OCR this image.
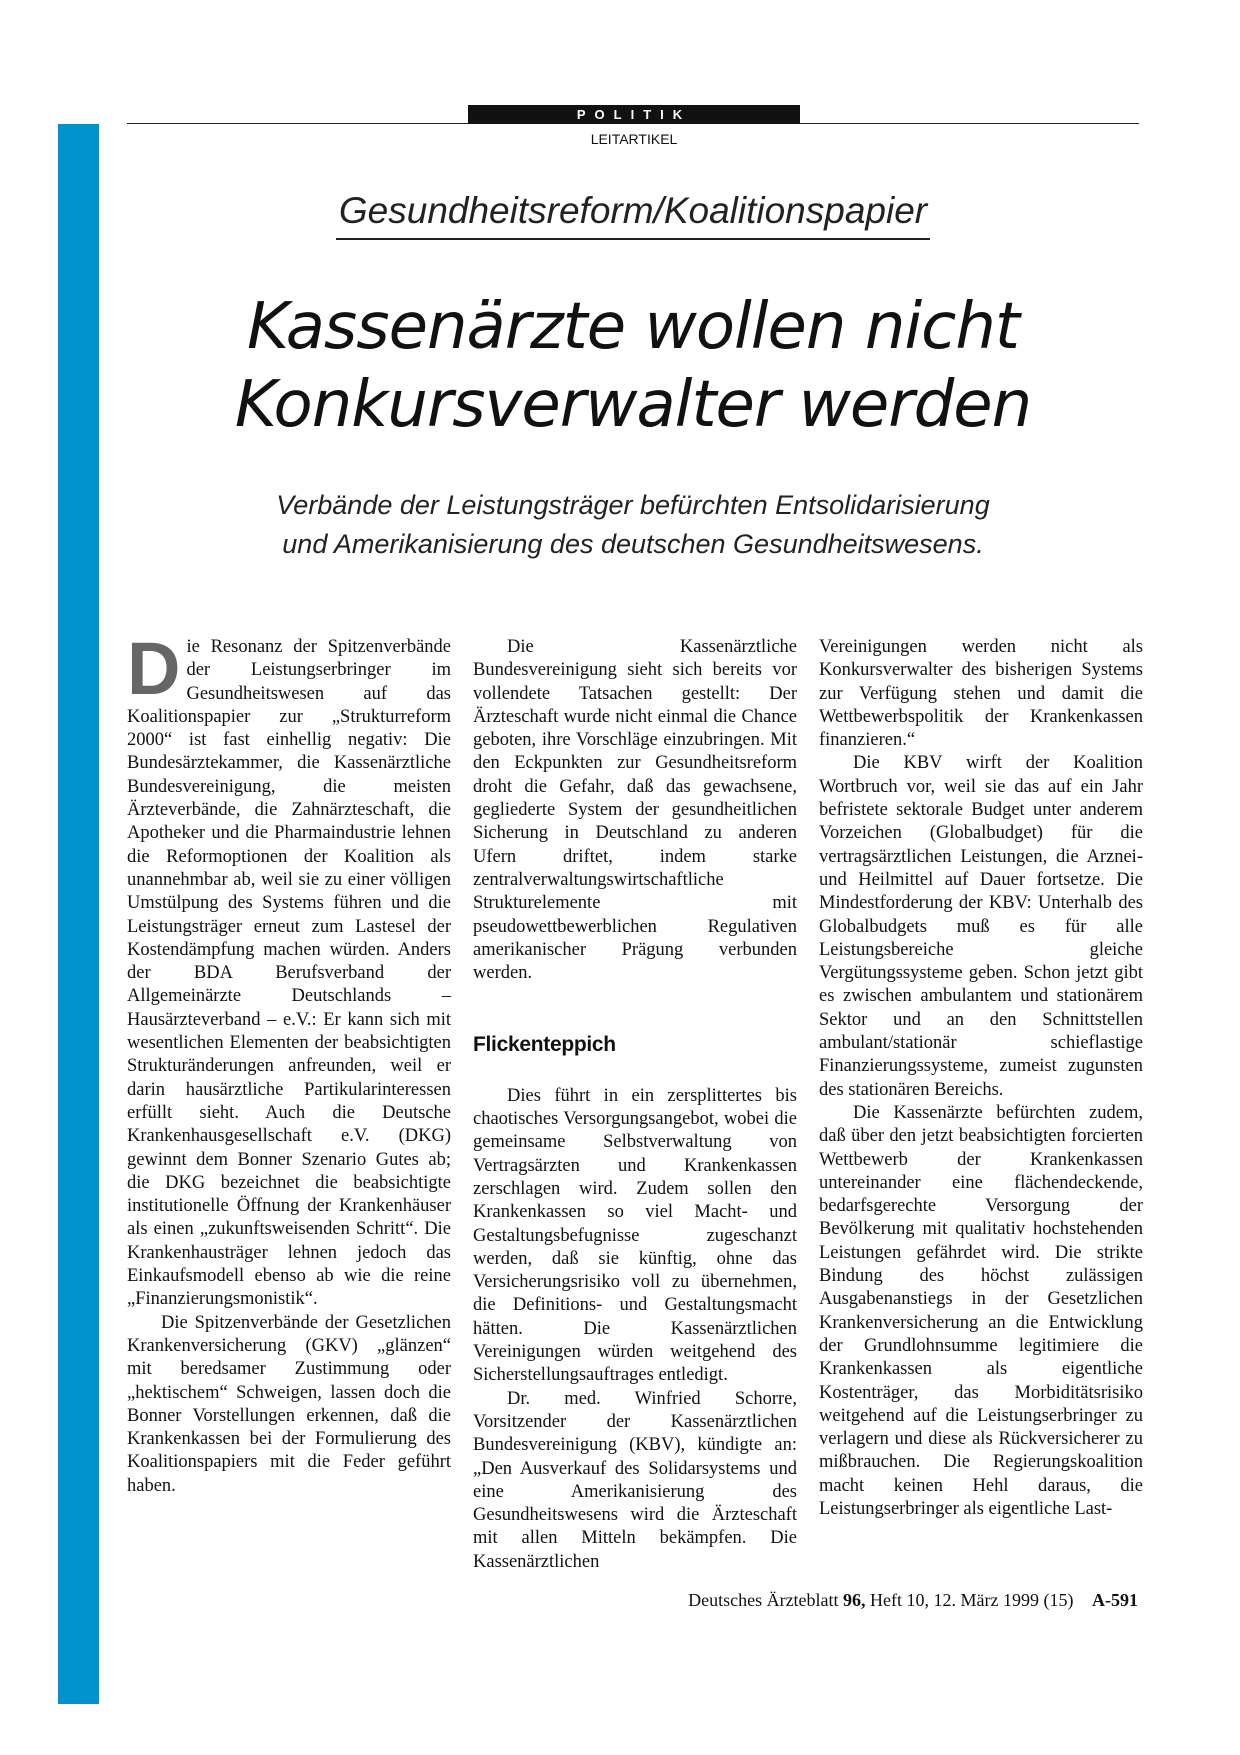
POLITIK
LEITARTIKEL
Gesundheitsreform/Koalitionspapier
Kassenärzte wollen nicht
Konkursverwalter werden

Verbände der Leistungsträger befürchten Entsolidarisierung
und Amerikanisierung des deutschen Gesundheitswesens.

Die Resonanz der Spitzenverbände der Leistungserbringer im Gesundheitswesen auf das Koalitionspapier zur „Strukturreform 2000“ ist fast einhellig negativ: Die Bundesärztekammer, die Kassenärztliche Bundesvereinigung, die meisten Ärzteverbände, die Zahnärzteschaft, die Apotheker und die Pharmaindustrie lehnen die Reformoptionen der Koalition als unannehmbar ab, weil sie zu einer völligen Umstülpung des Systems führen und die Leistungsträger erneut zum Lastesel der Kostendämpfung machen würden. Anders der BDA Berufsverband der Allgemeinärzte Deutschlands – Hausärzteverband – e.V.: Er kann sich mit wesentlichen Elementen der beabsichtigten Strukturänderungen anfreunden, weil er darin hausärztliche Partikularinteressen erfüllt sieht. Auch die Deutsche Krankenhausgesellschaft e.V. (DKG) gewinnt dem Bonner Szenario Gutes ab; die DKG bezeichnet die beabsichtigte institutionelle Öffnung der Krankenhäuser als einen „zukunftsweisenden Schritt“. Die Krankenhausträger lehnen jedoch das Einkaufsmodell ebenso ab wie die reine „Finanzierungsmonistik“.

Die Spitzenverbände der Gesetzlichen Krankenversicherung (GKV) „glänzen“ mit beredsamer Zustimmung oder „hektischem“ Schweigen, lassen doch die Bonner Vorstellungen erkennen, daß die Krankenkassen bei der Formulierung des Koalitionspapiers mit die Feder geführt haben.

Die Kassenärztliche Bundesvereinigung sieht sich bereits vor vollendete Tatsachen gestellt: Der Ärzteschaft wurde nicht einmal die Chance geboten, ihre Vorschläge einzubringen. Mit den Eckpunkten zur Gesundheitsreform droht die Gefahr, daß das gewachsene, gegliederte System der gesundheitlichen Sicherung in Deutschland zu anderen Ufern driftet, indem starke zentralverwaltungswirtschaftliche Strukturelemente mit pseudowettbewerblichen Regulativen amerikanischer Prägung verbunden werden.

Flickenteppich

Dies führt in ein zersplittertes bis chaotisches Versorgungsangebot, wobei die gemeinsame Selbstverwaltung von Vertragsärzten und Krankenkassen zerschlagen wird. Zudem sollen den Krankenkassen so viel Macht- und Gestaltungsbefugnisse zugeschanzt werden, daß sie künftig, ohne das Versicherungsrisiko voll zu übernehmen, die Definitions- und Gestaltungsmacht hätten. Die Kassenärztlichen Vereinigungen würden weitgehend des Sicherstellungsauftrages entledigt.

Dr. med. Winfried Schorre, Vorsitzender der Kassenärztlichen Bundesvereinigung (KBV), kündigte an: „Den Ausverkauf des Solidarsystems und eine Amerikanisierung des Gesundheitswesens wird die Ärzteschaft mit allen Mitteln bekämpfen. Die Kassenärztlichen

Vereinigungen werden nicht als Konkursverwalter des bisherigen Systems zur Verfügung stehen und damit die Wettbewerbspolitik der Krankenkassen finanzieren.“

Die KBV wirft der Koalition Wortbruch vor, weil sie das auf ein Jahr befristete sektorale Budget unter anderem Vorzeichen (Globalbudget) für die vertragsärztlichen Leistungen, die Arznei- und Heilmittel auf Dauer fortsetze. Die Mindestforderung der KBV: Unterhalb des Globalbudgets muß es für alle Leistungsbereiche gleiche Vergütungssysteme geben. Schon jetzt gibt es zwischen ambulantem und stationärem Sektor und an den Schnittstellen ambulant/stationär schieflastige Finanzierungssysteme, zumeist zugunsten des stationären Bereichs.

Die Kassenärzte befürchten zudem, daß über den jetzt beabsichtigten forcierten Wettbewerb der Krankenkassen untereinander eine flächendeckende, bedarfsgerechte Versorgung der Bevölkerung mit qualitativ hochstehenden Leistungen gefährdet wird. Die strikte Bindung des höchst zulässigen Ausgabenanstiegs in der Gesetzlichen Krankenversicherung an die Entwicklung der Grundlohnsumme legitimiere die Krankenkassen als eigentliche Kostenträger, das Morbiditätsrisiko weitgehend auf die Leistungserbringer zu verlagern und diese als Rückversicherer zu mißbrauchen. Die Regierungskoalition macht keinen Hehl daraus, die Leistungserbringer als eigentliche Last-

Deutsches Ärzteblatt 96, Heft 10, 12. März 1999 (15) A-591
